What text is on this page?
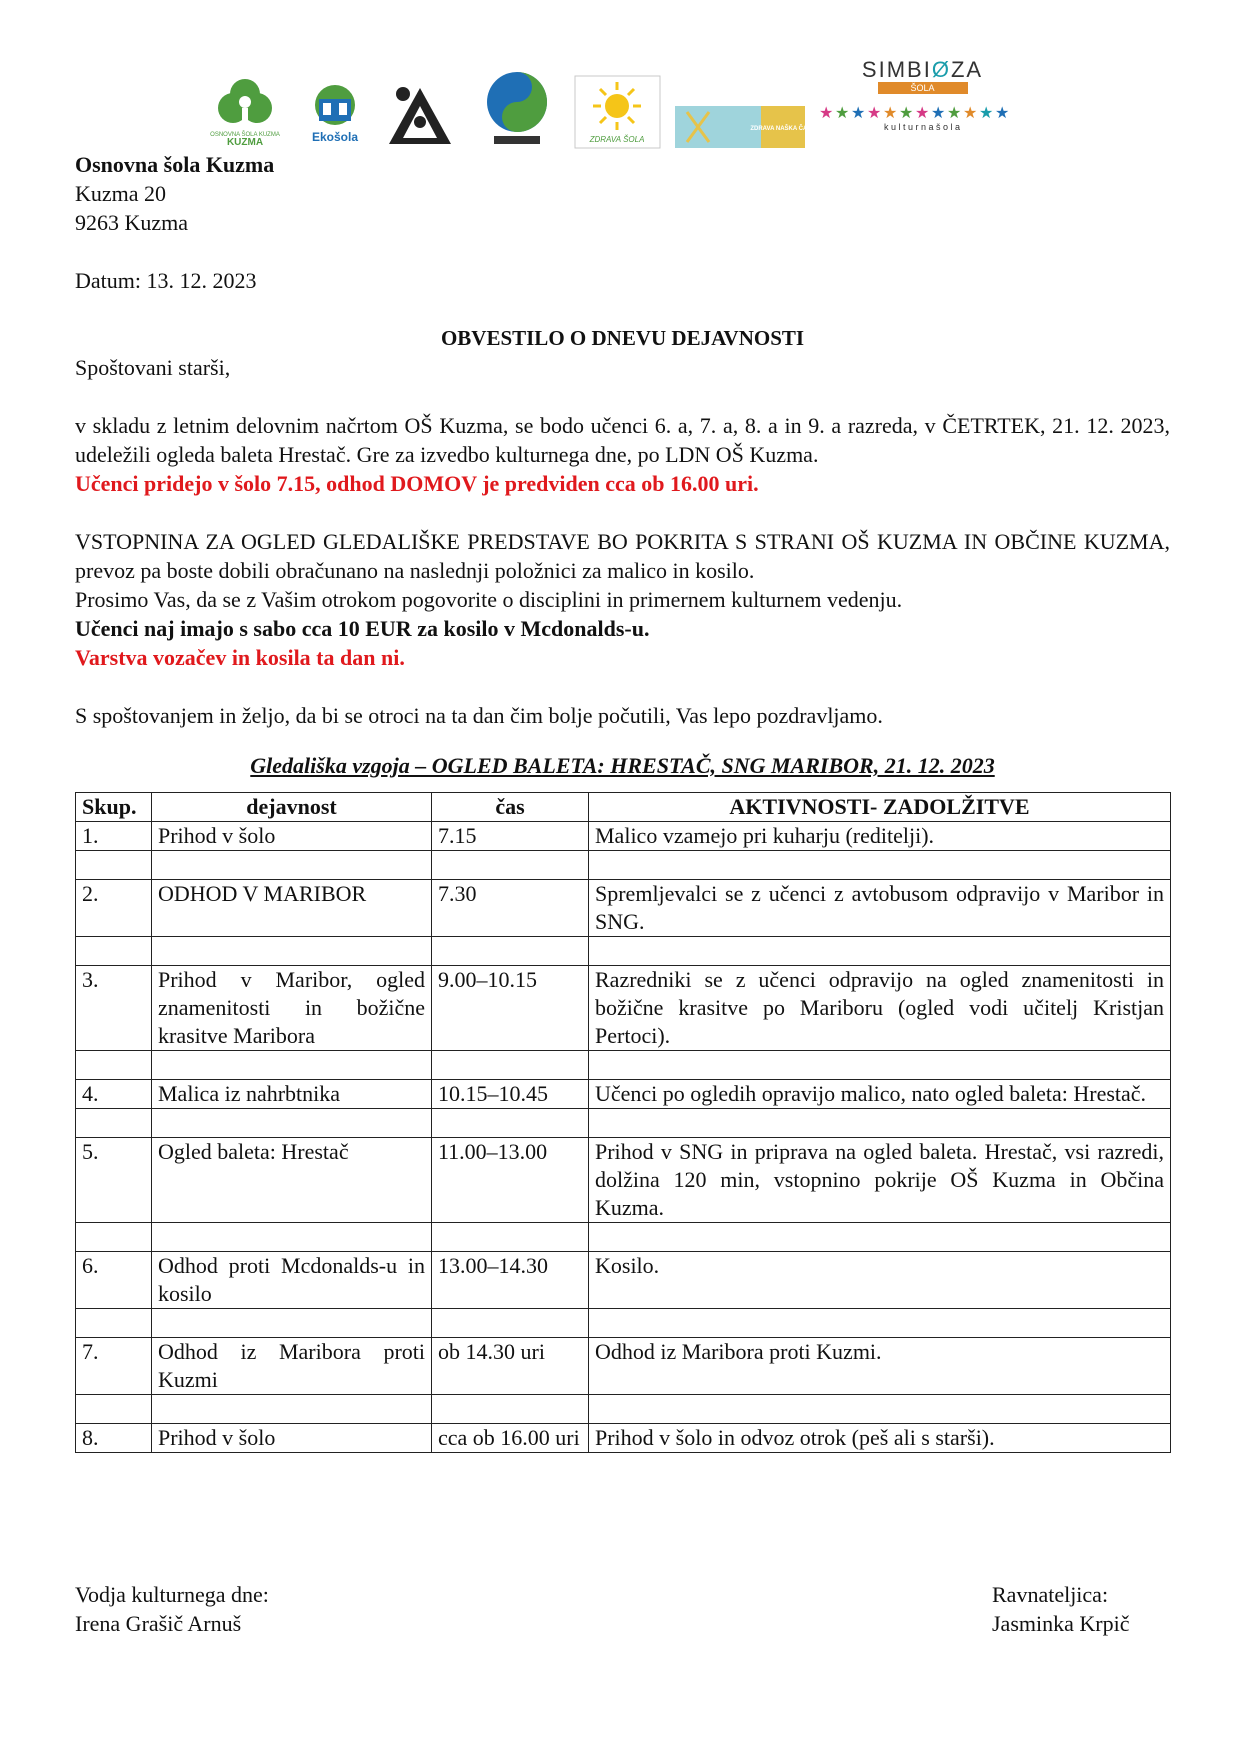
OSNOVNA ŠOLA KUZMA
KUZMA	Ekošola	ZDRAVA ŠOLA
ZDRAVA NAŠKA ČAŠA
SIMBIØZA
ŠOLA
★ ★ ★ ★ ★ ★ ★ ★ ★ ★ ★ ★
k u l t u r n a š o l a

Osnovna šola Kuzma

Kuzma 20

9263 Kuzma

Datum: 13. 12. 2023

OBVESTILO O DNEVU DEJAVNOSTI

Spoštovani starši,

v skladu z letnim delovnim načrtom OŠ Kuzma, se bodo učenci 6. a, 7. a, 8. a in 9. a razreda, v ČETRTEK, 21. 12. 2023, udeležili ogleda baleta Hrestač. Gre za izvedbo kulturnega dne, po LDN OŠ Kuzma.

Učenci pridejo v šolo 7.15, odhod DOMOV je predviden cca ob 16.00 uri.

VSTOPNINA ZA OGLED GLEDALIŠKE PREDSTAVE BO POKRITA S STRANI OŠ KUZMA IN OBČINE KUZMA, prevoz pa boste dobili obračunano na naslednji položnici za malico in kosilo.

Prosimo Vas, da se z Vašim otrokom pogovorite o disciplini in primernem kulturnem vedenju.

Učenci naj imajo s sabo cca 10 EUR za kosilo v Mcdonalds-u.

Varstva vozačev in kosila ta dan ni.

S spoštovanjem in željo, da bi se otroci na ta dan čim bolje počutili, Vas lepo pozdravljamo.

Gledališka vzgoja – OGLED BALETA: HRESTAČ, SNG MARIBOR, 21. 12. 2023

Skup.	dejavnost	čas	AKTIVNOSTI- ZADOLŽITVE
1.	Prihod v šolo	7.15	Malico vzamejo pri kuharju (reditelji).

2.	ODHOD V MARIBOR	7.30	Spremljevalci se z učenci z avtobusom odpravijo v Maribor in SNG.

3.	Prihod v Maribor, ogled znamenitosti in božične krasitve Maribora	9.00–10.15	Razredniki se z učenci odpravijo na ogled znamenitosti in božične krasitve po Mariboru (ogled vodi učitelj Kristjan Pertoci).

4.	Malica iz nahrbtnika	10.15–10.45	Učenci po ogledih opravijo malico, nato ogled baleta: Hrestač.

5.	Ogled baleta: Hrestač	11.00–13.00	Prihod v SNG in priprava na ogled baleta. Hrestač, vsi razredi, dolžina 120 min, vstopnino pokrije OŠ Kuzma in Občina Kuzma.

6.	Odhod proti Mcdonalds-u in kosilo	13.00–14.30	Kosilo.

7.	Odhod iz Maribora proti Kuzmi	ob 14.30 uri	Odhod iz Maribora proti Kuzmi.

8.	Prihod v šolo	cca ob 16.00 uri	Prihod v šolo in odvoz otrok (peš ali s starši).
Vodja kulturnega dne:
Irena Grašič Arnuš
Ravnateljica:
Jasminka Krpič
